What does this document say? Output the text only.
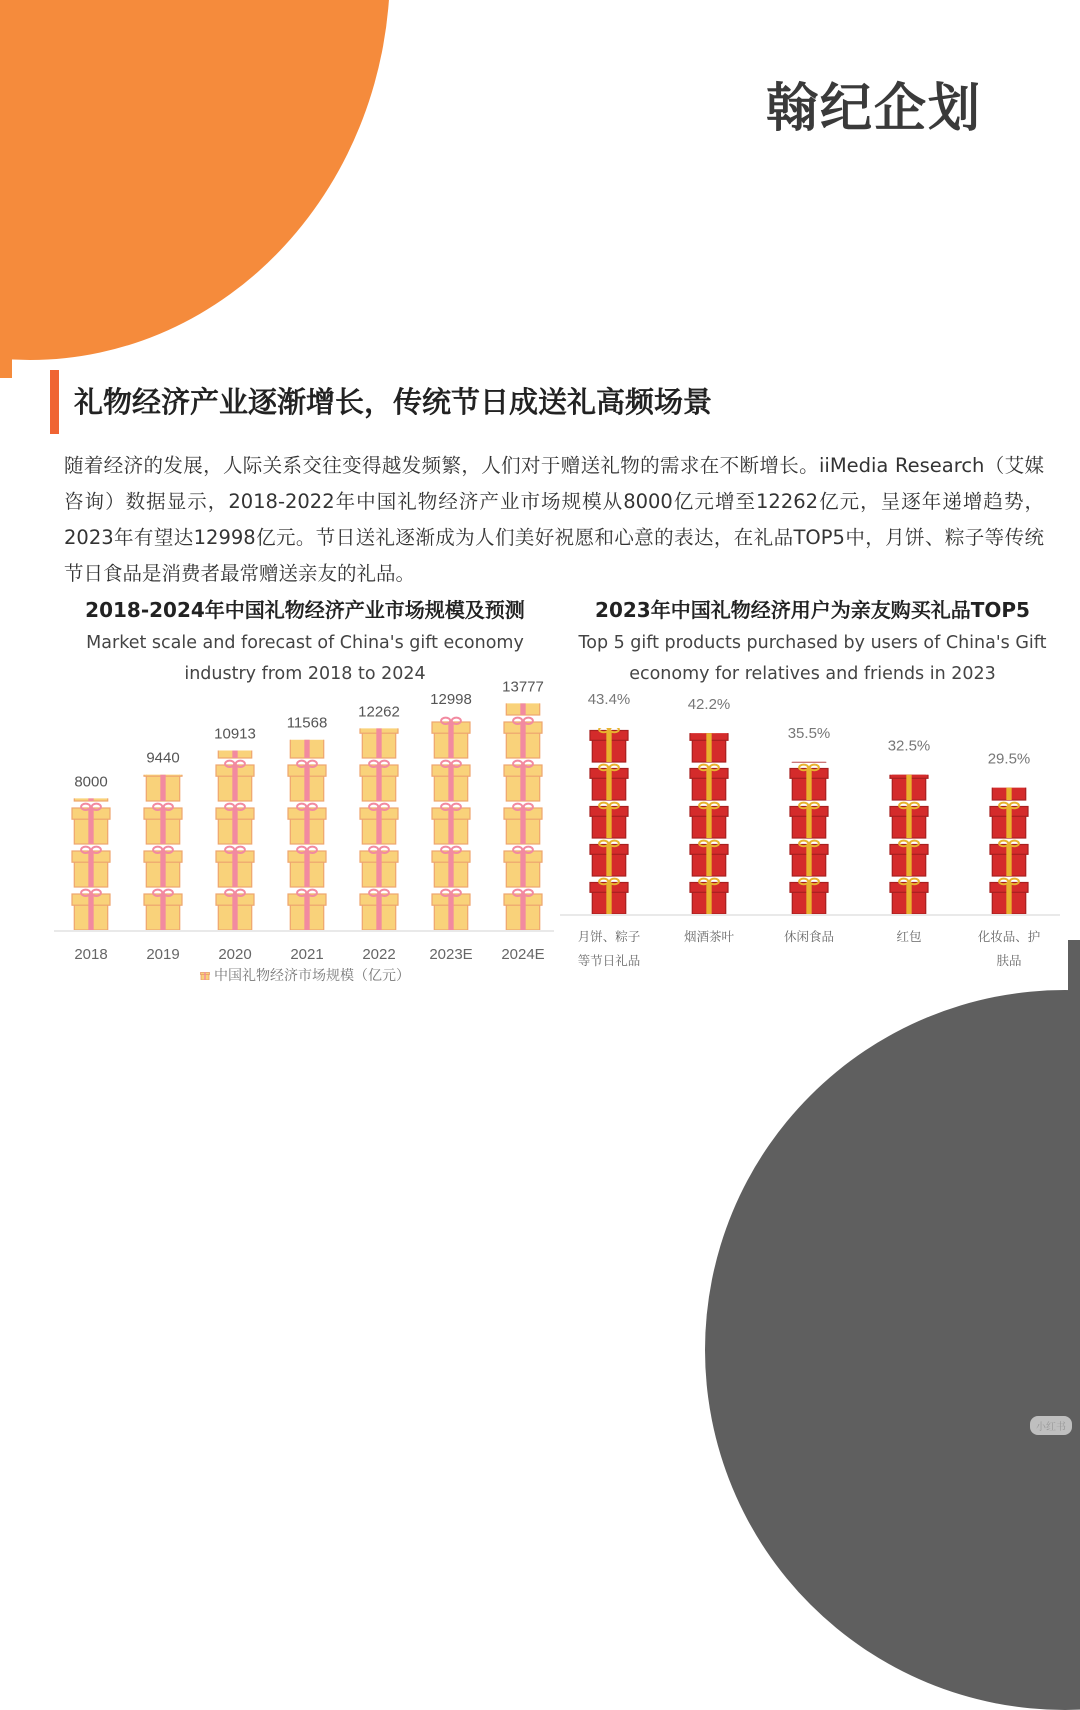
翰纪企划
礼物经济产业逐渐增长，传统节日成送礼高频场景
随着经济的发展，人际关系交往变得越发频繁，人们对于赠送礼物的需求在不断增长。iiMedia Research（艾媒咨询）数据显示，2018-2022年中国礼物经济产业市场规模从8000亿元增至12262亿元，呈逐年递增趋势，2023年有望达12998亿元。节日送礼逐渐成为人们美好祝愿和心意的表达，在礼品TOP5中，月饼、粽子等传统节日食品是消费者最常赠送亲友的礼品。
2018-2024年中国礼物经济产业市场规模及预测
Market scale and forecast of China's gift economy industry from 2018 to 2024
8000
2018
9440
2019
10913
2020
11568
2021
12262
2022
12998
2023E
13777
2024E
中国礼物经济市场规模（亿元）
2023年中国礼物经济用户为亲友购买礼品TOP5
Top 5 gift products purchased by users of China's Gift economy for relatives and friends in 2023
43.4%
月饼、粽子
等节日礼品
42.2%
烟酒茶叶
35.5%
休闲食品
32.5%
红包
29.5%
化妆品、护
肤品
小红书
